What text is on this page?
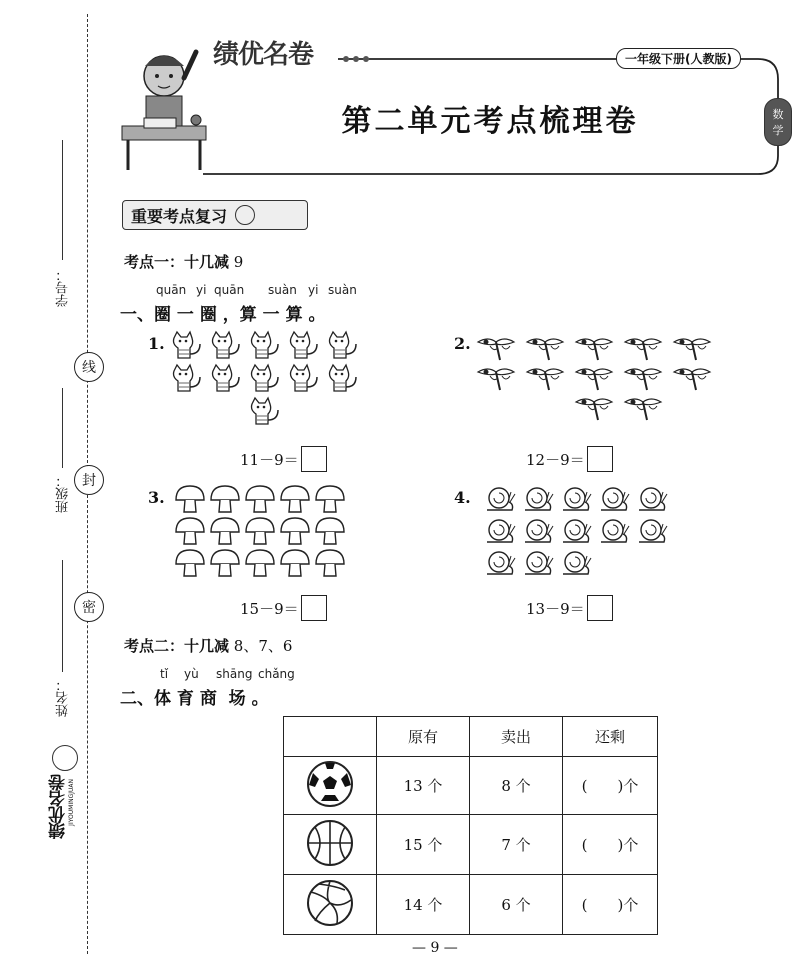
学号：
线
班级： 封
密
姓名：
绩优名卷 JIYOUMINGJUAN
绩优名卷	一年级下册(人教版)
第二单元考点梳理卷	数
学
重要考点复习
考点一：十几减 9
quān yi quān suàn yi suàn
一、圈 一 圈 ，算 一 算 。
1.
11－9＝
2.
12－9＝
3.
15－9＝
4.
13－9＝
考点二：十几减 8、7、6
tǐ yù shāng chǎng
二、体 育 商  场 。
	原有	卖出	还剩
	13 个	8 个	(　　)个
	15 个	7 个	(　　)个
	14 个	6 个	(　　)个
— 9 —
